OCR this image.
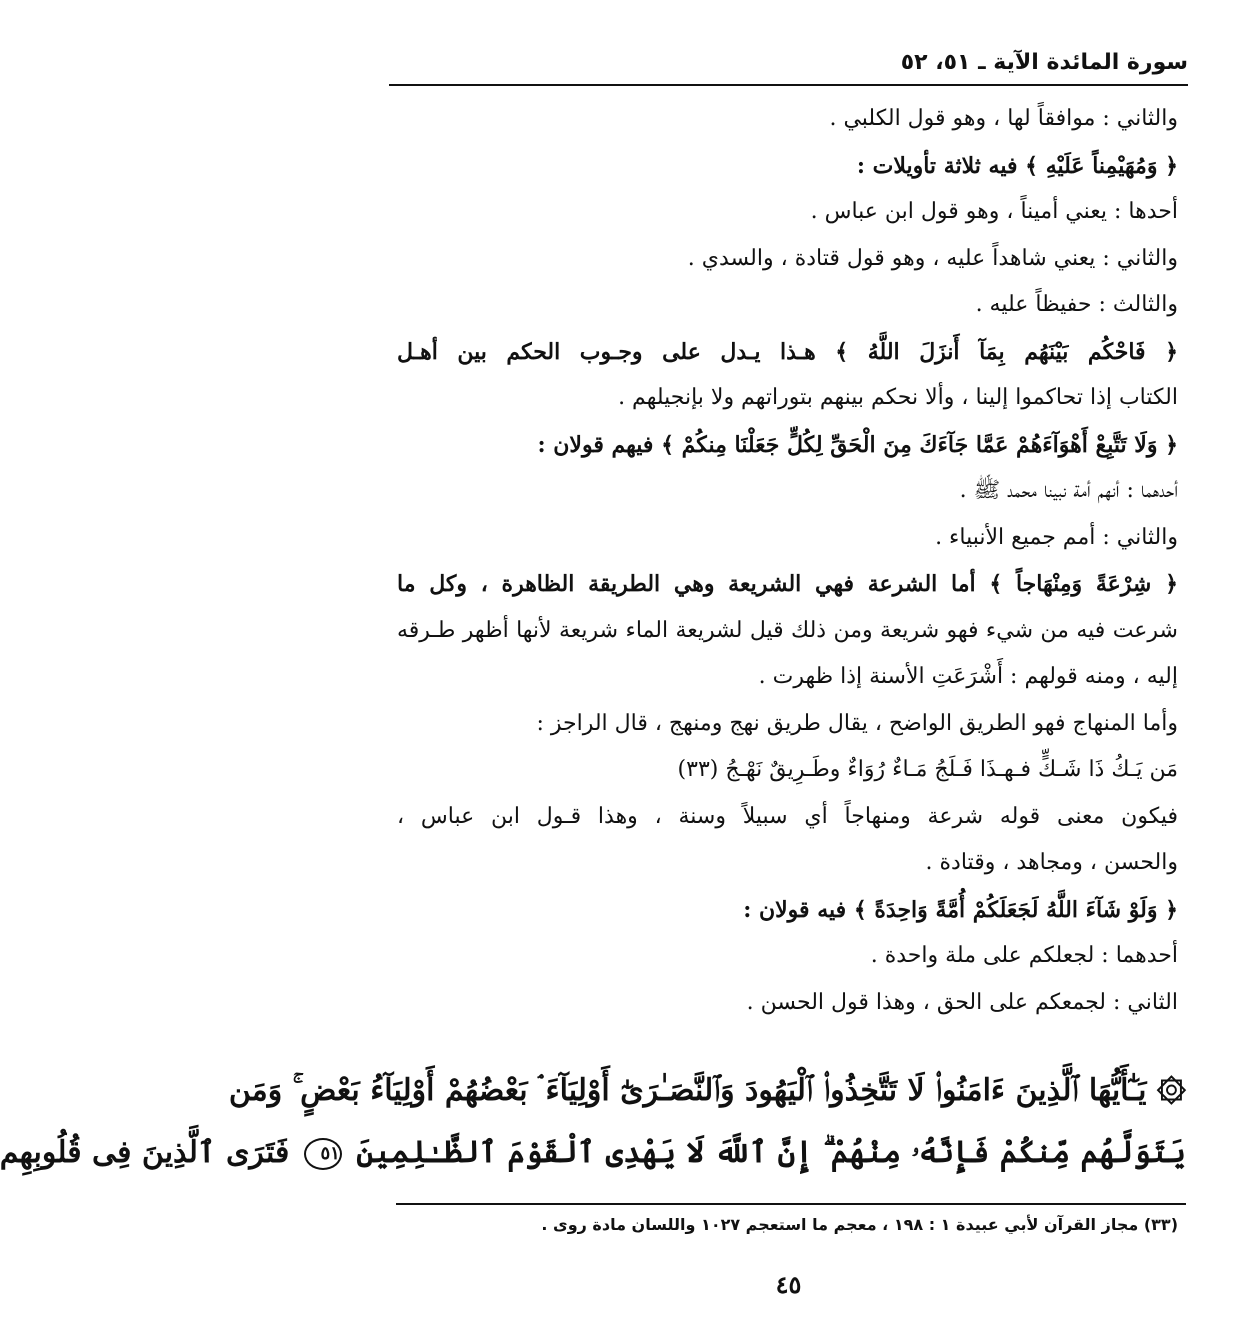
سورة المائدة الآية ـ ٥١، ٥٢
والثاني : موافقاً لها ، وهو قول الكلبي .
﴿ وَمُهَيْمِناً عَلَيْهِ ﴾ فيه ثلاثة تأويلات :
أحدها : يعني أميناً ، وهو قول ابن عباس .
والثاني : يعني شاهداً عليه ، وهو قول قتادة ، والسدي .
والثالث : حفيظاً عليه .
﴿ فَاحْكُم بَيْنَهُم بِمَآ أَنزَلَ اللَّهُ ﴾ هـذا يـدل على وجـوب الحكم بين أهـل
الكتاب إذا تحاكموا إلينا ، وألا نحكم بينهم بتوراتهم ولا بإنجيلهم .
﴿ وَلَا تَتَّبِعْ أَهْوَآءَهُمْ عَمَّا جَآءَكَ مِنَ الْحَقِّ لِكُلٍّ جَعَلْنَا مِنكُمْ ﴾ فيهم قولان :
أحدهما : أنهم أمة نبينا محمد ﷺ .
والثاني : أمم جميع الأنبياء .
﴿ شِرْعَةً وَمِنْهَاجاً ﴾ أما الشرعة فهي الشريعة وهي الطريقة الظاهرة ، وكل ما
شرعت فيه من شيء فهو شريعة ومن ذلك قيل لشريعة الماء شريعة لأنها أظهر طـرقه
إليه ، ومنه قولهم : أَشْرَعَتِ الأسنة إذا ظهرت .
وأما المنهاج فهو الطريق الواضح ، يقال طريق نهج ومنهج ، قال الراجز :
مَن يَـكُ ذَا شَـكٍّ فـهـذَا فَـلَجُ مَـاءٌ رُوَاءٌ وطَـرِيقٌ نَهْـجُ (٣٣)
فيكون معنى قوله شرعة ومنهاجاً أي سبيلاً وسنة ، وهذا قـول ابن عباس ،
والحسن ، ومجاهد ، وقتادة .
﴿ وَلَوْ شَآءَ اللَّهُ لَجَعَلَكُمْ أُمَّةً وَاحِدَةً ﴾ فيه قولان :
أحدهما : لجعلكم على ملة واحدة .
الثاني : لجمعكم على الحق ، وهذا قول الحسن .
۞ يَـٰٓأَيُّهَا ٱلَّذِينَ ءَامَنُوا۟ لَا تَتَّخِذُوا۟ ٱلْيَهُودَ وَٱلنَّصَـٰرَىٰٓ أَوْلِيَآءَ ۘ بَعْضُهُمْ أَوْلِيَآءُ بَعْضٍ ۚ وَمَن
يَتَوَلَّهُم مِّنكُمْ فَإِنَّهُۥ مِنْهُمْ ۗ إِنَّ ٱللَّهَ لَا يَهْدِى ٱلْقَوْمَ ٱلظَّـٰلِمِينَ ٥١ فَتَرَى ٱلَّذِينَ فِى قُلُوبِهِم
(٣٣) مجاز القرآن لأبي عبيدة ١ : ١٩٨ ، معجم ما استعجم ١٠٢٧ واللسان مادة روى .
٤٥
